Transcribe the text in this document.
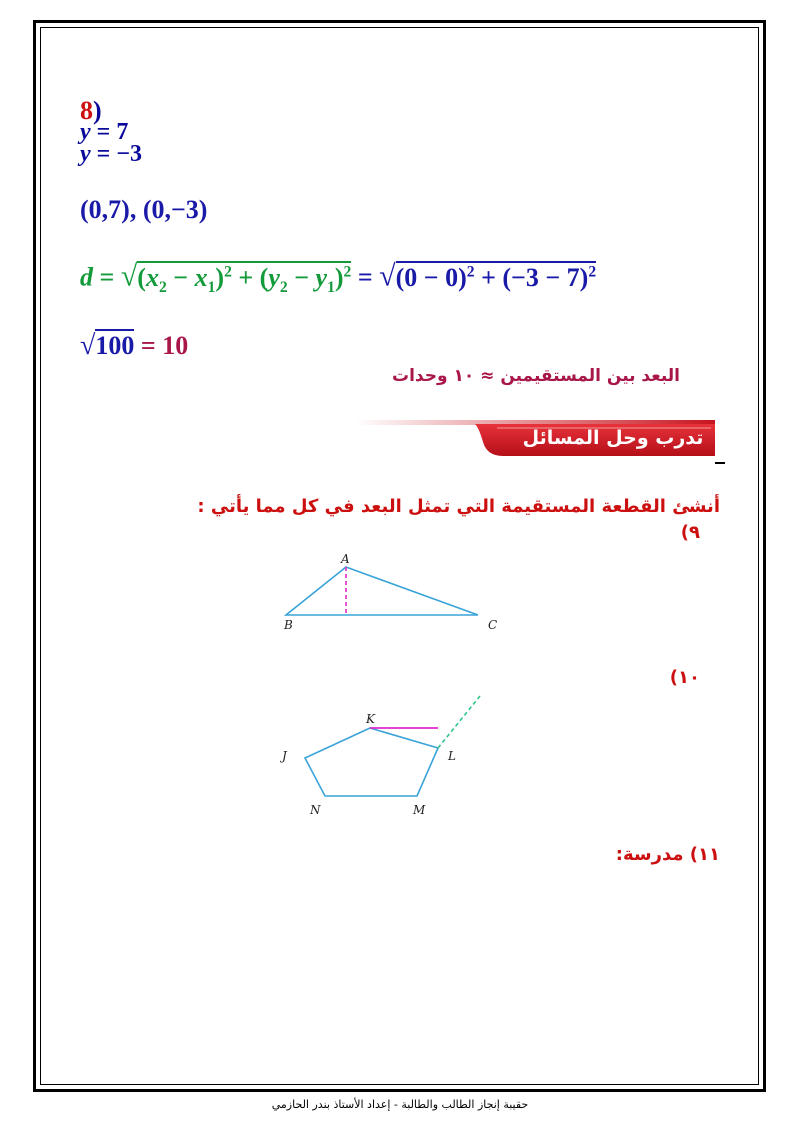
8)
y = 7
y = −3
(0,7), (0,−3)
$d = √(x_2 - x_1)^2 + (y_2 - y_1)^2 = √(0 - 0)^2 + (-3 - 7)^2$
√100 = 10
البعد بين المستقيمين ≈ ١٠ وحدات
تدرب وحل المسائل
أنشئ القطعة المستقيمة التي تمثل البعد في كل مما يأتي :
٩)
A
B	C
١٠)
K
J	L
N	M
١١) مدرسة:
حقيبة إنجاز الطالب والطالبة - إعداد الأستاذ بندر الحازمي
